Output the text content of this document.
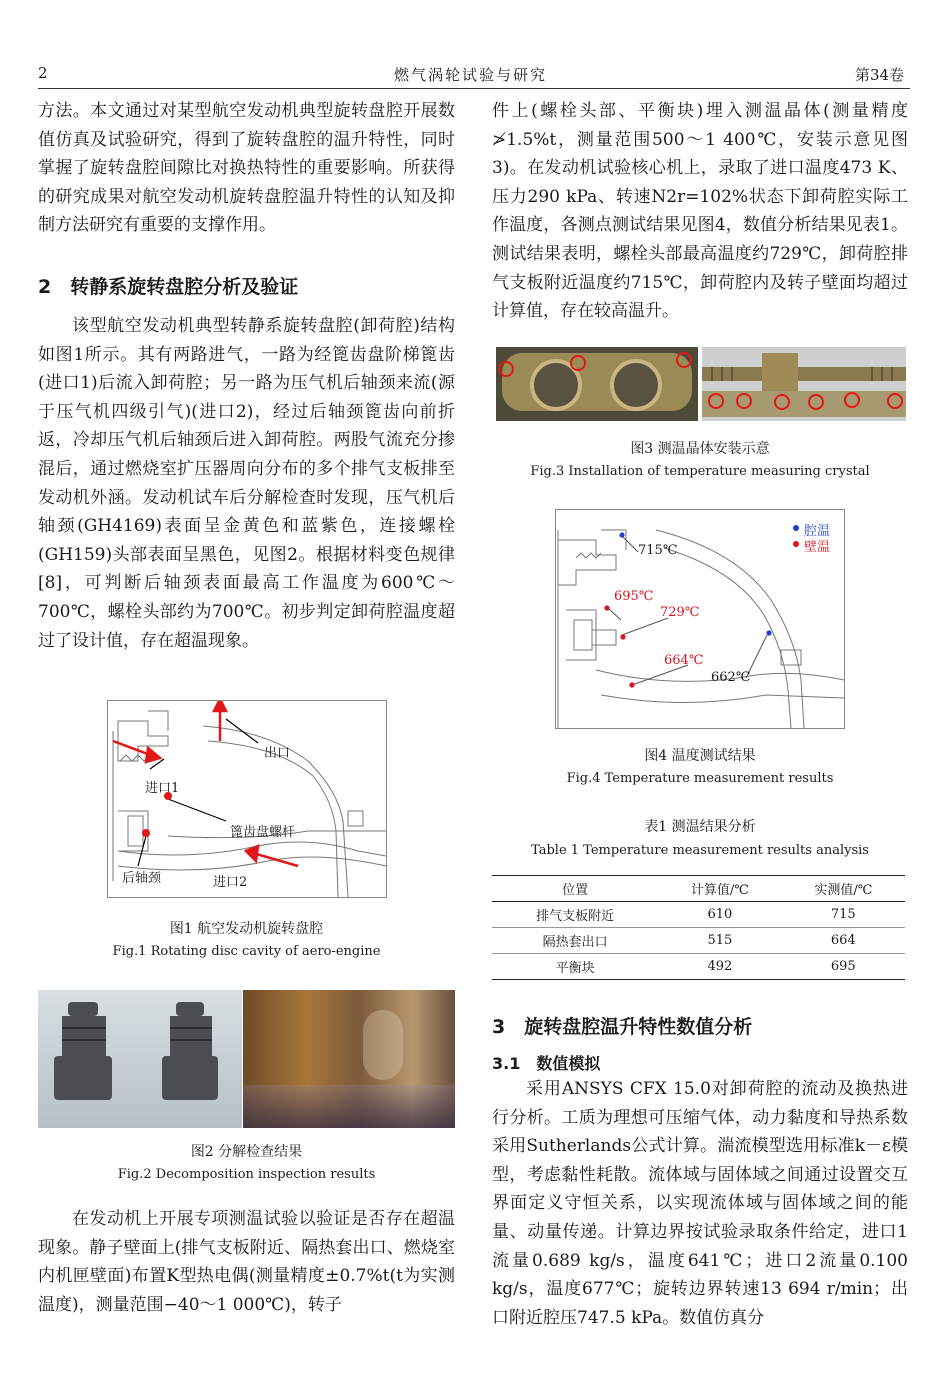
2	燃气涡轮试验与研究	第34卷

方法。本文通过对某型航空发动机典型旋转盘腔开展数值仿真及试验研究，得到了旋转盘腔的温升特性，同时掌握了旋转盘腔间隙比对换热特性的重要影响。所获得的研究成果对航空发动机旋转盘腔温升特性的认知及抑制方法研究有重要的支撑作用。

2　转静系旋转盘腔分析及验证

该型航空发动机典型转静系旋转盘腔(卸荷腔)结构如图1所示。其有两路进气，一路为经篦齿盘阶梯篦齿(进口1)后流入卸荷腔；另一路为压气机后轴颈来流(源于压气机四级引气)(进口2)，经过后轴颈篦齿向前折返，冷却压气机后轴颈后进入卸荷腔。两股气流充分掺混后，通过燃烧室扩压器周向分布的多个排气支板排至发动机外涵。发动机试车后分解检查时发现，压气机后轴颈(GH4169)表面呈金黄色和蓝紫色，连接螺栓(GH159)头部表面呈黑色，见图2。根据材料变色规律[8]，可判断后轴颈表面最高工作温度为600℃～700℃，螺栓头部约为700℃。初步判定卸荷腔温度超过了设计值，存在超温现象。

出口
进口1
篦齿盘螺杆
后轴颈	进口2
图1 航空发动机旋转盘腔
Fig.1 Rotating disc cavity of aero-engine
图2 分解检查结果
Fig.2 Decomposition inspection results

在发动机上开展专项测温试验以验证是否存在超温现象。静子壁面上(排气支板附近、隔热套出口、燃烧室内机匣壁面)布置K型热电偶(测量精度±0.7%t(t为实测温度)，测量范围−40～1 000℃)，转子

件上(螺栓头部、平衡块)埋入测温晶体(测量精度≯1.5%t，测量范围500～1 400℃，安装示意见图3)。在发动机试验核心机上，录取了进口温度473 K、压力290 kPa、转速N2r=102%状态下卸荷腔实际工作温度，各测点测试结果见图4，数值分析结果见表1。测试结果表明，螺栓头部最高温度约729℃，卸荷腔排气支板附近温度约715℃，卸荷腔内及转子壁面均超过计算值，存在较高温升。

图3 测温晶体安装示意
Fig.3 Installation of temperature measuring crystal
715℃
695℃
729℃
664℃
662℃
腔温
壁温
图4 温度测试结果
Fig.4 Temperature measurement results
表1 测温结果分析
Table 1 Temperature measurement results analysis
位置	计算值/℃	实测值/℃
排气支板附近	610	715
隔热套出口	515	664
平衡块	492	695
3　旋转盘腔温升特性数值分析
3.1　数值模拟

采用ANSYS CFX 15.0对卸荷腔的流动及换热进行分析。工质为理想可压缩气体，动力黏度和导热系数采用Sutherlands公式计算。湍流模型选用标准k－ε模型，考虑黏性耗散。流体域与固体域之间通过设置交互界面定义守恒关系，以实现流体域与固体域之间的能量、动量传递。计算边界按试验录取条件给定，进口1流量0.689 kg/s，温度641℃；进口2流量0.100 kg/s，温度677℃；旋转边界转速13 694 r/min；出口附近腔压747.5 kPa。数值仿真分
